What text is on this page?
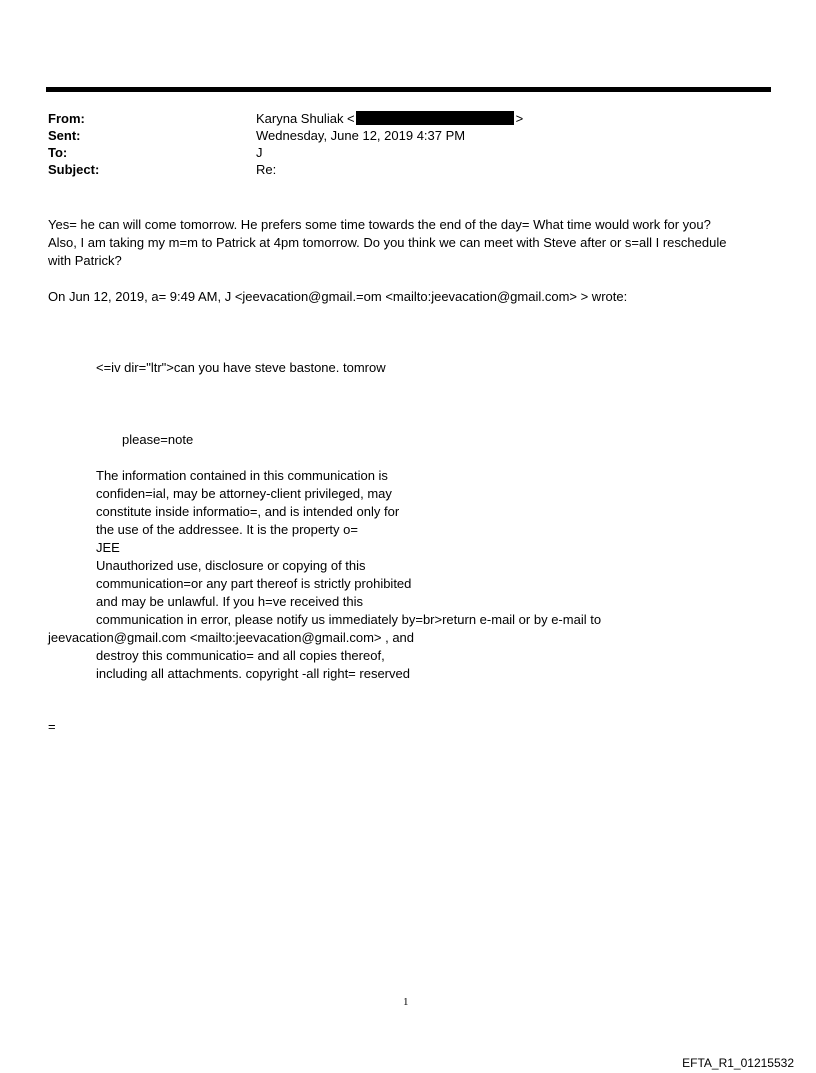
From:	Karyna Shuliak <	>
Sent:	Wednesday, June 12, 2019 4:37 PM
To:	J
Subject:	Re:
Yes= he can will come tomorrow. He prefers some time towards the end of the day= What time would work for you?
Also, I am taking my m=m to Patrick at 4pm tomorrow. Do you think we can meet with Steve after or s=all I reschedule
with Patrick?
On Jun 12, 2019, a= 9:49 AM, J <jeevacation@gmail.=om <mailto:jeevacation@gmail.com> > wrote:
<=iv dir="ltr">can you have steve bastone. tomrow
please=note
The information contained in this communication is
confiden=ial, may be attorney-client privileged, may
constitute inside informatio=, and is intended only for
the use of the addressee. It is the property o=
JEE
Unauthorized use, disclosure or copying of this
communication=or any part thereof is strictly prohibited
and may be unlawful. If you h=ve received this
communication in error, please notify us immediately by=br>return e-mail or by e-mail to
jeevacation@gmail.com <mailto:jeevacation@gmail.com> , and
destroy this communicatio= and all copies thereof,
including all attachments. copyright -all right= reserved
=
1
EFTA_R1_01215532
